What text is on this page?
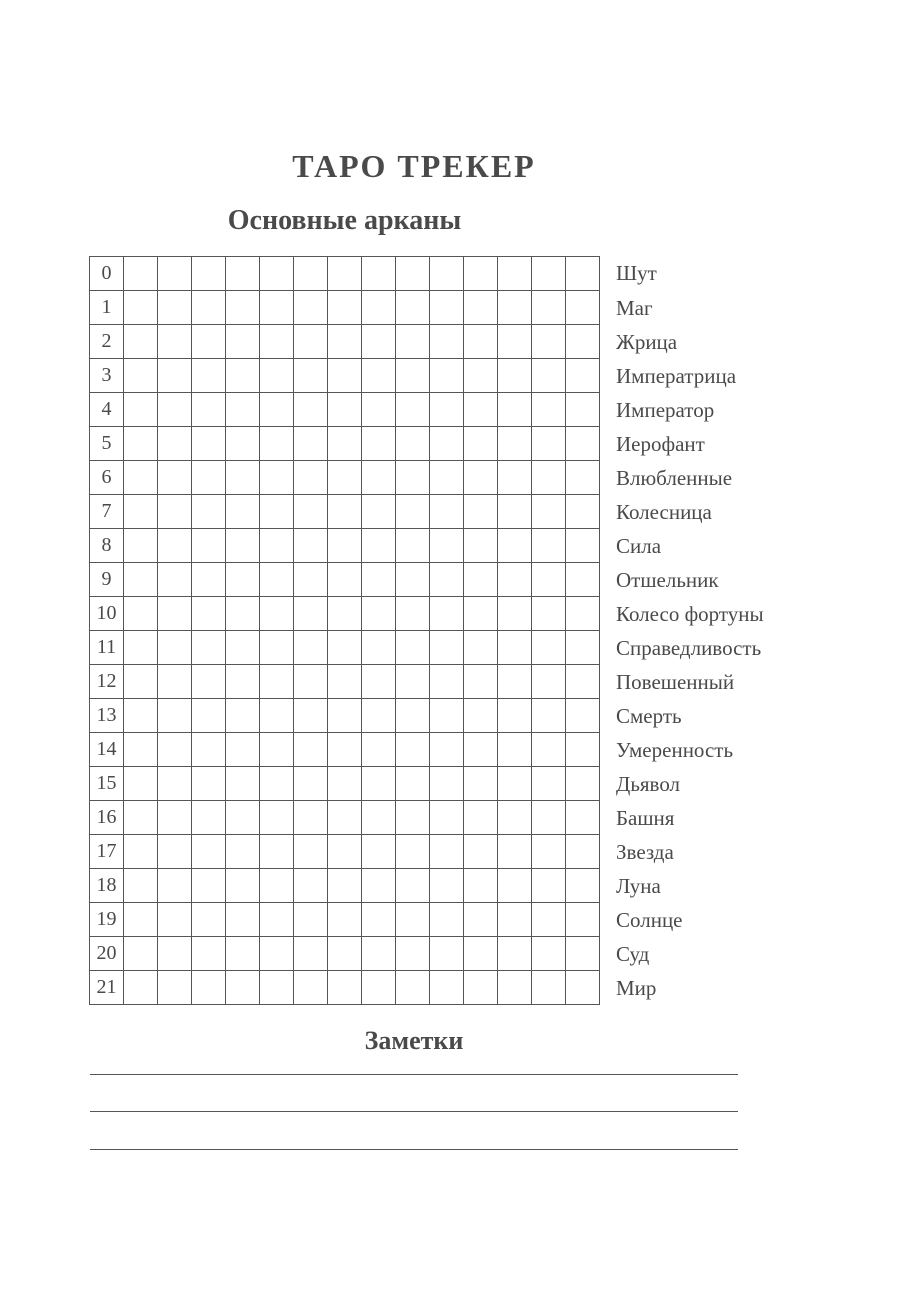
ТАРО ТРЕКЕР
Основные арканы
0	Шут
1	Маг
2	Жрица
3	Императрица
4	Император
5	Иерофант
6	Влюбленные
7	Колесница
8	Сила
9	Отшельник
10	Колесо фортуны
11	Справедливость
12	Повешенный
13	Смерть
14	Умеренность
15	Дьявол
16	Башня
17	Звезда
18	Луна
19	Солнце
20	Суд
21	Мир
Заметки
